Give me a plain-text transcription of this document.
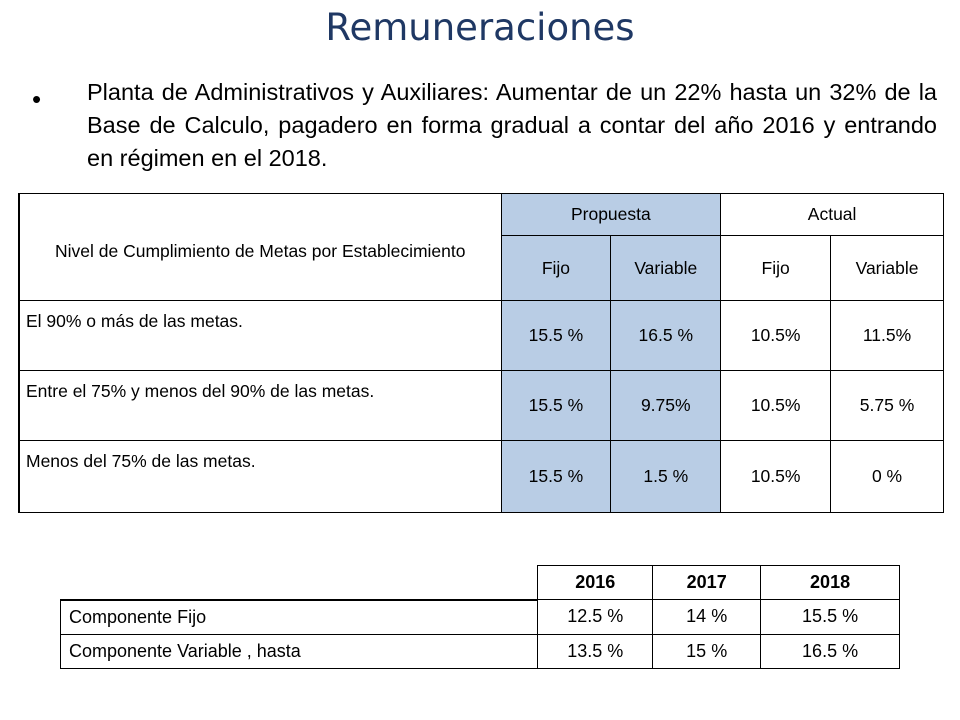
Remuneraciones
• Planta de Administrativos y Auxiliares: Aumentar de un 22% hasta un 32% de la Base de Calculo, pagadero en forma gradual a contar del año 2016 y entrando en régimen en el 2018.
Nivel de Cumplimiento de Metas por Establecimiento	Propuesta		Actual	
	Fijo	Variable	Fijo	Variable
El 90% o más de las metas.	15.5 %	16.5 %	10.5%	11.5%
Entre el 75% y menos del 90% de las metas.	15.5 %	9.75%	10.5%	5.75 %
Menos del 75% de las metas.	15.5 %	1.5 %	10.5%	0 %
	2016	2017	2018
Componente Fijo	12.5 %	14 %	15.5 %
Componente Variable , hasta	13.5 %	15 %	16.5 %
